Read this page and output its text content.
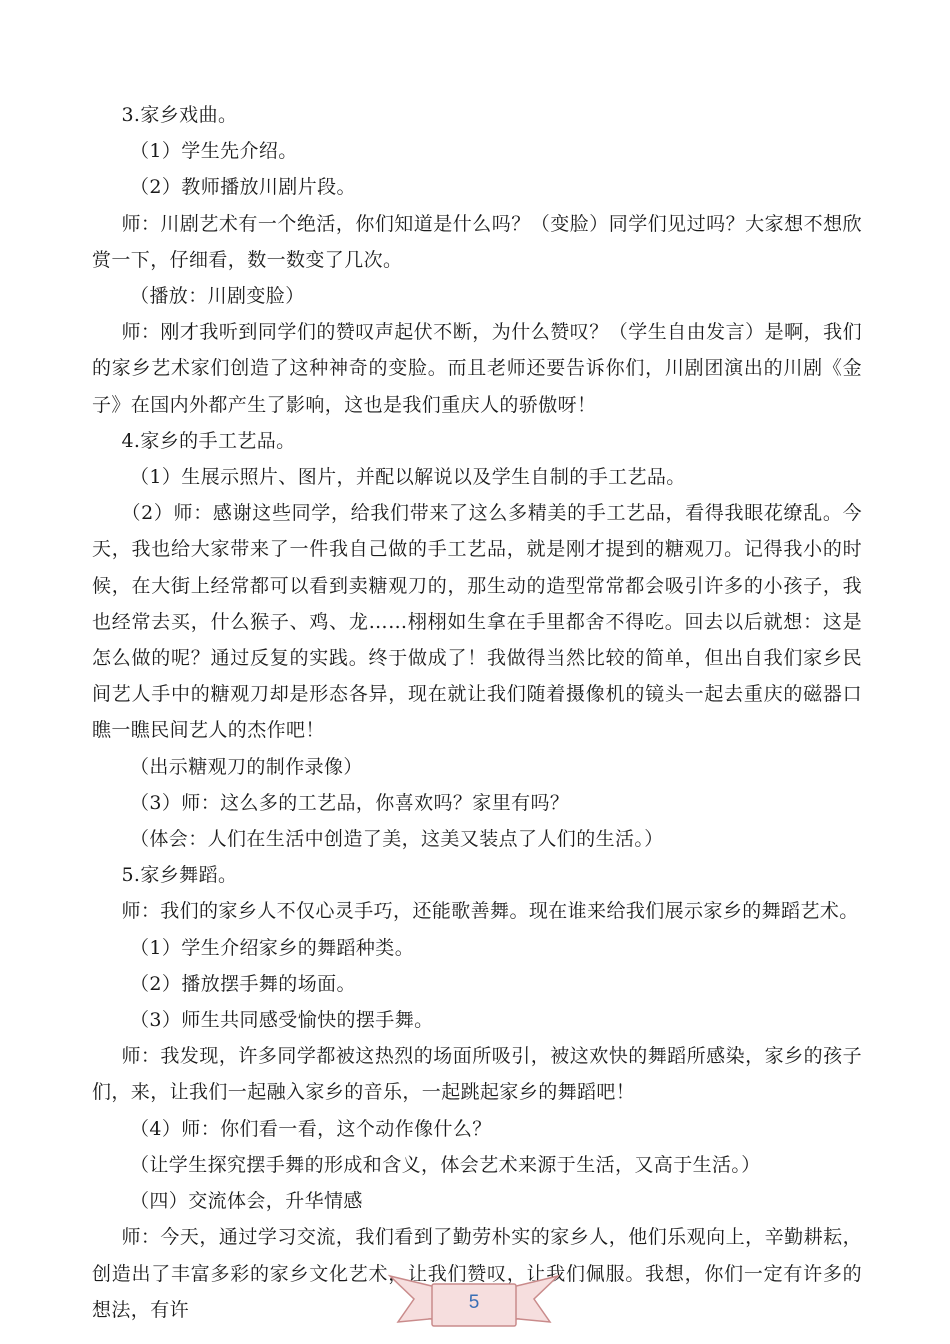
3.家乡戏曲。

（1）学生先介绍。

（2）教师播放川剧片段。

师：川剧艺术有一个绝活，你们知道是什么吗？（变脸）同学们见过吗？大家想不想欣赏一下，仔细看，数一数变了几次。

（播放：川剧变脸）

师：刚才我听到同学们的赞叹声起伏不断，为什么赞叹？（学生自由发言）是啊，我们的家乡艺术家们创造了这种神奇的变脸。而且老师还要告诉你们，川剧团演出的川剧《金子》在国内外都产生了影响，这也是我们重庆人的骄傲呀！

4.家乡的手工艺品。

（1）生展示照片、图片，并配以解说以及学生自制的手工艺品。

（2）师：感谢这些同学，给我们带来了这么多精美的手工艺品，看得我眼花缭乱。今天，我也给大家带来了一件我自己做的手工艺品，就是刚才提到的糖观刀。记得我小的时候，在大街上经常都可以看到卖糖观刀的，那生动的造型常常都会吸引许多的小孩子，我也经常去买，什么猴子、鸡、龙……栩栩如生拿在手里都舍不得吃。回去以后就想：这是怎么做的呢？通过反复的实践。终于做成了！我做得当然比较的简单，但出自我们家乡民间艺人手中的糖观刀却是形态各异，现在就让我们随着摄像机的镜头一起去重庆的磁器口瞧一瞧民间艺人的杰作吧！

（出示糖观刀的制作录像）

（3）师：这么多的工艺品，你喜欢吗？家里有吗？

（体会：人们在生活中创造了美，这美又装点了人们的生活。）

5.家乡舞蹈。

师：我们的家乡人不仅心灵手巧，还能歌善舞。现在谁来给我们展示家乡的舞蹈艺术。

（1）学生介绍家乡的舞蹈种类。

（2）播放摆手舞的场面。

（3）师生共同感受愉快的摆手舞。

师：我发现，许多同学都被这热烈的场面所吸引，被这欢快的舞蹈所感染，家乡的孩子们，来，让我们一起融入家乡的音乐，一起跳起家乡的舞蹈吧！

（4）师：你们看一看，这个动作像什么？

（让学生探究摆手舞的形成和含义，体会艺术来源于生活，又高于生活。）

（四）交流体会，升华情感

师：今天，通过学习交流，我们看到了勤劳朴实的家乡人，他们乐观向上，辛勤耕耘，创造出了丰富多彩的家乡文化艺术，让我们赞叹，让我们佩服。我想，你们一定有许多的想法，有许	5
